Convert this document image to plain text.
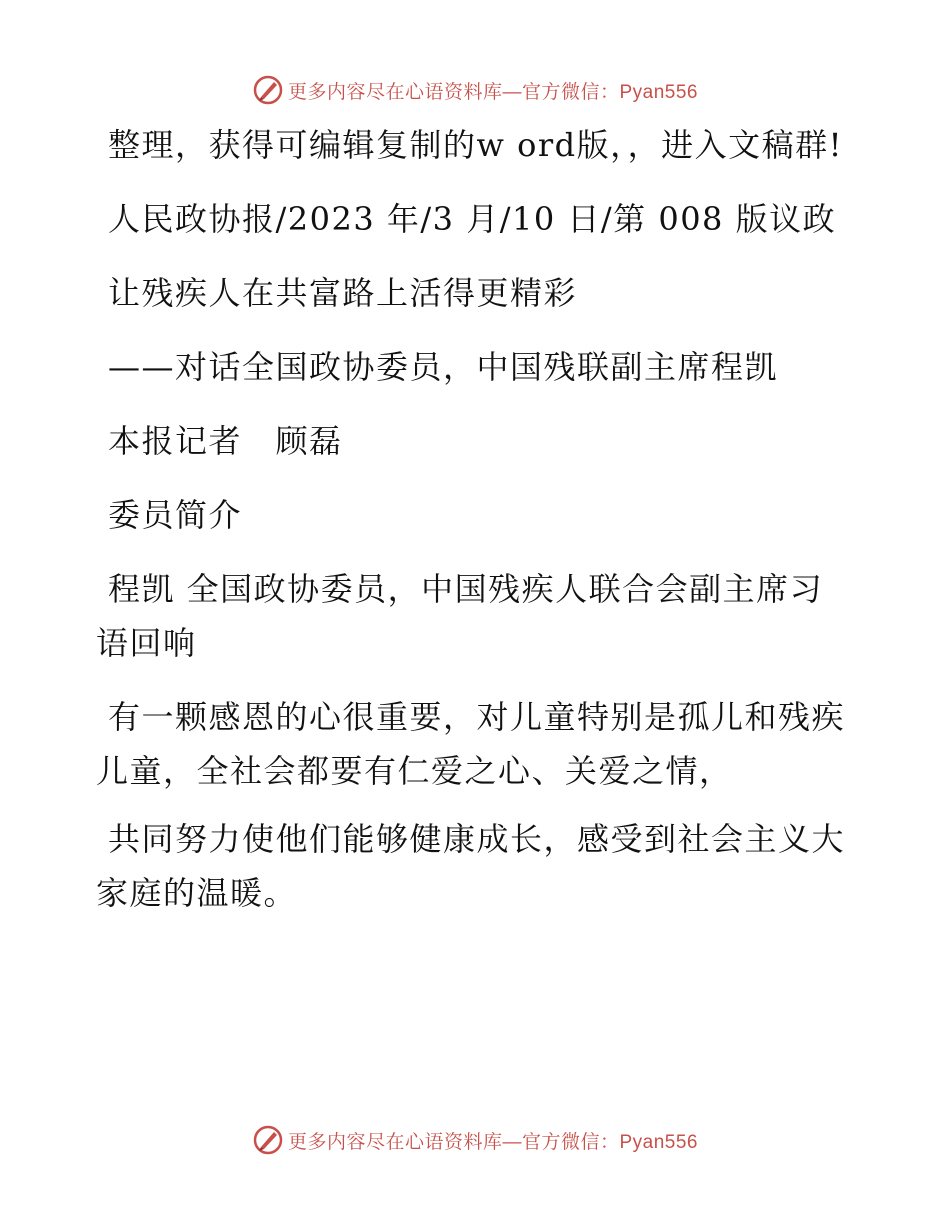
更多内容尽在心语资料库—官方微信：Pyan556

整理，获得可编辑复制的w ord版，，进入文稿群!

人民政协报/2023 年/3 月/10 日/第 008 版议政

让残疾人在共富路上活得更精彩

——对话全国政协委员，中国残联副主席程凯

本报记者　顾磊

委员简介

程凯 全国政协委员，中国残疾人联合会副主席习语回响

有一颗感恩的心很重要，对儿童特别是孤儿和残疾儿童，全社会都要有仁爱之心、关爱之情，

共同努力使他们能够健康成长，感受到社会主义大家庭的温暖。

更多内容尽在心语资料库—官方微信：Pyan556
